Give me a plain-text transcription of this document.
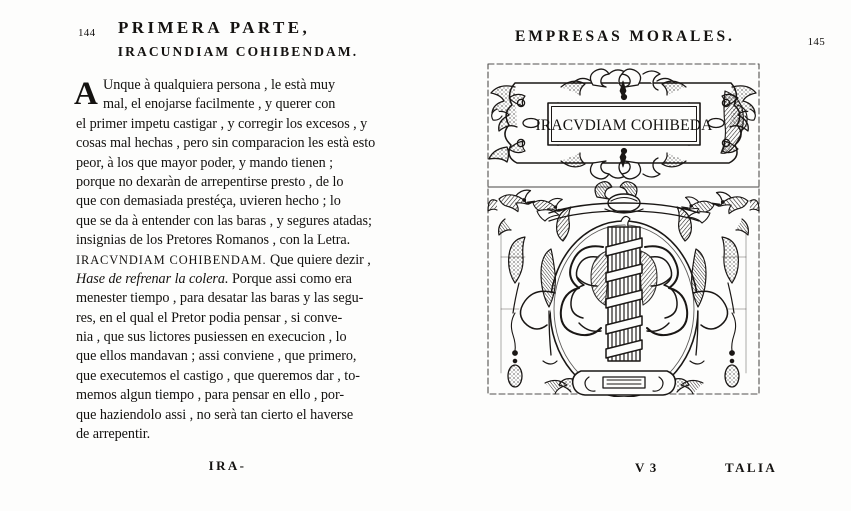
144 PRIMERA PARTE,
IRACUNDIAM COHIBENDAM.
A Unque à qualquiera persona , le està muy
mal, el enojarse facilmente , y querer con
el primer impetu castigar , y corregir los excesos , y
cosas mal hechas , pero sin comparacion les està esto
peor, à los que mayor poder, y mando tienen ;
porque no dexaràn de arrepentirse presto , de lo
que con demasiada prestéça, uvieren hecho ; lo
que se da à entender con las baras , y segures atadas;
insignias de los Pretores Romanos , con la Letra.
IRACVNDIAM COHIBENDAM. Que quiere dezir ,
Hase de refrenar la colera. Porque assi como era
menester tiempo , para desatar las baras y las segu-
res, en el qual el Pretor podia pensar , si conve-
nia , que sus lictores pusiessen en execucion , lo
que ellos mandavan ; assi conviene , que primero,
que executemos el castigo , que queremos dar , to-
memos algun tiempo , para pensar en ello , por-
que haziendolo assi , no serà tan cierto el haverse
de arrepentir.
IRA-
EMPRESAS MORALES.	145
IRACVDIAM COHIBEDA
V 3	TALIA
